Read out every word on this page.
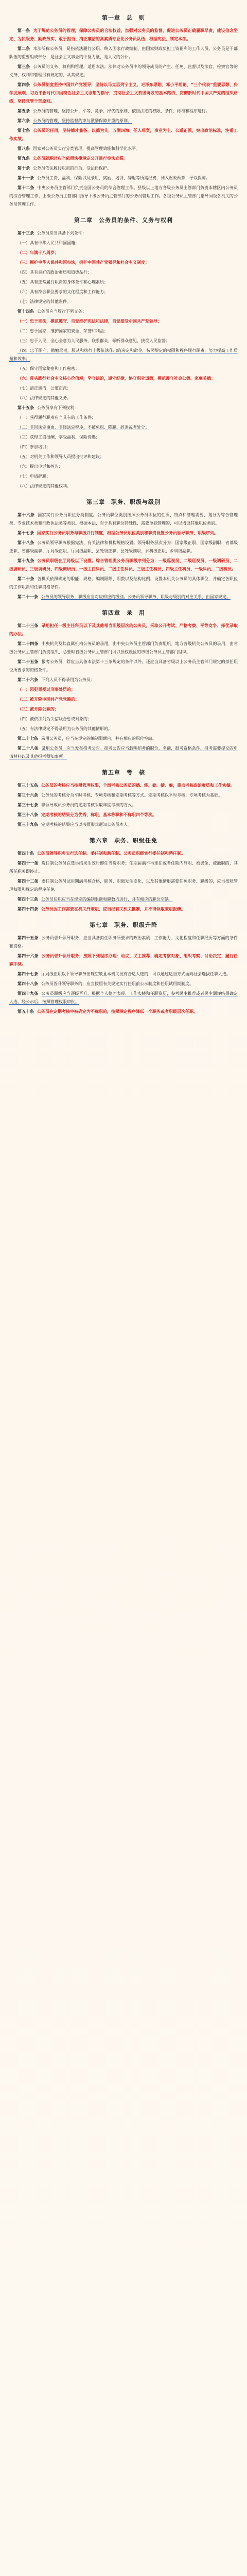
第一章　总　则

第一条 为了规范公务员的管理，保障公务员的合法权益，加强对公务员的监督，促进公务员正确履职尽责，建设信念坚定、为民服务、勤政务实、敢于担当、清正廉洁的高素质专业化公务员队伍，根据宪法，制定本法。

第二条 本法所称公务员，是指依法履行公职、纳入国家行政编制、由国家财政负担工资福利的工作人员。公务员是干部队伍的重要组成部分，是社会主义事业的中坚力量，是人民的公仆。

第三条 公务员的义务、权利和管理，适用本法。法律对公务员中的领导成员的产生、任免、监督以及法官、检察官等的义务、权利和管理另有规定的，从其规定。

第四条 公务员制度坚持中国共产党领导，坚持以马克思列宁主义、毛泽东思想、邓小平理论、“三个代表”重要思想、科学发展观、习近平新时代中国特色社会主义思想为指导，贯彻社会主义初级阶段的基本路线，贯彻新时代中国共产党的组织路线，坚持党管干部原则。

第五条 公务员的管理，坚持公开、平等、竞争、择优的原则，依照法定的权限、条件、标准和程序进行。

第六条 公务员的管理，坚持监督约束与激励保障并重的原则。

第七条 公务员的任用，坚持德才兼备、以德为先，五湖四海、任人唯贤，事业为上、公道正派，突出政治标准，注重工作实绩。

第八条 国家对公务员实行分类管理，提高管理效能和科学化水平。

第九条 公务员就职时应当依照法律规定公开进行宪法宣誓。

第十条 公务员依法履行职责的行为，受法律保护。

第十一条 公务员工资、福利、保险以及录用、奖励、培训、辞退等所需经费，列入财政预算，予以保障。

第十二条 中央公务员主管部门负责全国公务员的综合管理工作。县级以上地方各级公务员主管部门负责本辖区内公务员的综合管理工作。上级公务员主管部门指导下级公务员主管部门的公务员管理工作。各级公务员主管部门指导同级各机关的公务员管理工作。

第二章　公务员的条件、义务与权利

第十三条 公务员应当具备下列条件：

（一）具有中华人民共和国国籍；

（二）年满十八周岁；

（三）拥护中华人民共和国宪法，拥护中国共产党领导和社会主义制度；

（四）具有良好的政治素质和道德品行；

（五）具有正常履行职责的身体条件和心理素质；

（六）具有符合职位要求的文化程度和工作能力；

（七）法律规定的其他条件。

第十四条 公务员应当履行下列义务：

（一）忠于宪法，模范遵守、自觉维护宪法和法律，自觉接受中国共产党领导；

（二）忠于国家，维护国家的安全、荣誉和利益；

（三）忠于人民，全心全意为人民服务，联系群众，倾听群众意见，接受人民监督；

（四）忠于职守，勤勉尽责，服从和执行上级依法作出的决定和命令，按照规定的权限和程序履行职责，努力提高工作质量和效率；

（五）保守国家秘密和工作秘密；

（六）带头践行社会主义核心价值观，坚守法治，遵守纪律，恪守职业道德，模范遵守社会公德、家庭美德；

（七）清正廉洁，公道正派；

（八）法律规定的其他义务。

第十五条 公务员享有下列权利：

（一）获得履行职责应当具有的工作条件；

（二）非因法定事由、非经法定程序，不被免职、降职、辞退或者处分；

（三）获得工资报酬，享受福利、保险待遇；

（四）参加培训；

（五）对机关工作和领导人员提出批评和建议；

（六）提出申诉和控告；

（七）申请辞职；

（八）法律规定的其他权利。

第三章　职务、职级与级别

第十六条 国家实行公务员职位分类制度。公务员职位类别按照公务员职位的性质、特点和管理需要，划分为综合管理类、专业技术类和行政执法类等类别。根据本法，对于具有职位特殊性，需要单独管理的，可以增设其他职位类别。

第十七条 国家实行公务员职务与职级并行制度，根据公务员职位类别和职责设置公务员领导职务、职级序列。

第十八条 公务员领导职务根据宪法、有关法律和机构规格设置。领导职务层次分为：国家级正职、国家级副职、省部级正职、省部级副职、厅局级正职、厅局级副职、县处级正职、县处级副职、乡科级正职、乡科级副职。

第十九条 公务员职级在厅局级以下设置。综合管理类公务员职级序列分为：一级巡视员、二级巡视员、一级调研员、二级调研员、三级调研员、四级调研员、一级主任科员、二级主任科员、三级主任科员、四级主任科员、一级科员、二级科员。

第二十条 各机关依照确定的职能、规格、编制限额、职数以及结构比例，设置本机关公务员的具体职位，并确定各职位的工作职责和任职资格条件。

第二十一条 公务员的领导职务、职级应当对应相应的级别。公务员领导职务、职级与级别的对应关系，由国家规定。

第四章　录　用

第二十三条 录用担任一级主任科员以下及其他相当职级层次的公务员，采取公开考试、严格考察、平等竞争、择优录取的办法。

第二十四条 中央机关及其直属机构公务员的录用，由中央公务员主管部门负责组织。地方各级机关公务员的录用，由省级公务员主管部门负责组织，必要时省级公务员主管部门可以授权设区的市级公务员主管部门组织。

第二十五条 报考公务员，除应当具备本法第十三条规定的条件以外，还应当具备省级以上公务员主管部门规定的拟任职位所要求的资格条件。

第二十六条 下列人员不得录用为公务员：

（一）因犯罪受过刑事处罚的；

（二）被开除中国共产党党籍的；

（三）被开除公职的；

（四）被依法列为失信联合惩戒对象的；

（五）有法律规定不得录用为公务员的其他情形的。

第二十七条 录用公务员，应当在规定的编制限额内，并有相应的职位空缺。

第二十八条 录用公务员，应当发布招考公告。招考公告应当载明招考的职位、名额、报考资格条件、报考需要提交的申请材料以及其他报考须知事项。

第五章　考　核

第三十五条 公务员的考核应当按照管理权限，全面考核公务员的德、能、勤、绩、廉，重点考核政治素质和工作实绩。

第三十六条 公务员的考核分为平时考核、专项考核和定期考核等方式。定期考核以平时考核、专项考核为基础。

第三十七条 非领导成员公务员的定期考核采取年度考核的方式。

第三十八条 定期考核的结果分为优秀、称职、基本称职和不称职四个等次。

第三十九条 定期考核的结果应当以书面形式通知公务员本人。

第六章　职务、职级任免

第四十条 公务员领导职务实行选任制、委任制和聘任制。公务员职级实行委任制和聘任制。

第四十一条 选任制公务员在选举结果生效时即任当选职务；任期届满不再连任或者任期内辞职、被罢免、被撤职的，其所任职务即终止。

第四十二条 委任制公务员试用期满考核合格，职务、职级发生变化，以及其他情形需要任免职务、职级的，应当按照管理权限和规定的程序任免。

第四十三条 公务员任职应当在规定的编制限额和职数内进行，并有相应的职位空缺。

第四十四条 公务员因工作需要在机关外兼职，应当经有关机关批准，并不得领取兼职报酬。

第七章　职务、职级升降

第四十五条 公务员晋升领导职务，应当具备拟任职务所要求的政治素质、工作能力、文化程度和任职经历等方面的条件和资格。

第四十六条 公务员晋升领导职务，按照下列程序办理：动议、民主推荐、确定考察对象、组织考察、讨论决定、履行任职手续。

第四十七条 厅局级正职以下领导职务出现空缺且本机关没有合适人选的，可以通过适当方式面向社会选拔任职人选。

第四十八条 公务员晋升领导职务的，应当按照有关规定实行任职前公示制度和任职试用期制度。

第四十九条 公务员职级应当逐级晋升，根据个人德才表现、工作实绩和任职资历，参考民主推荐或者民主测评结果确定人选，经公示后，按照管理权限审批。

第五十条 公务员在定期考核中被确定为不称职的，按照规定程序降低一个职务或者职级层次任职。
